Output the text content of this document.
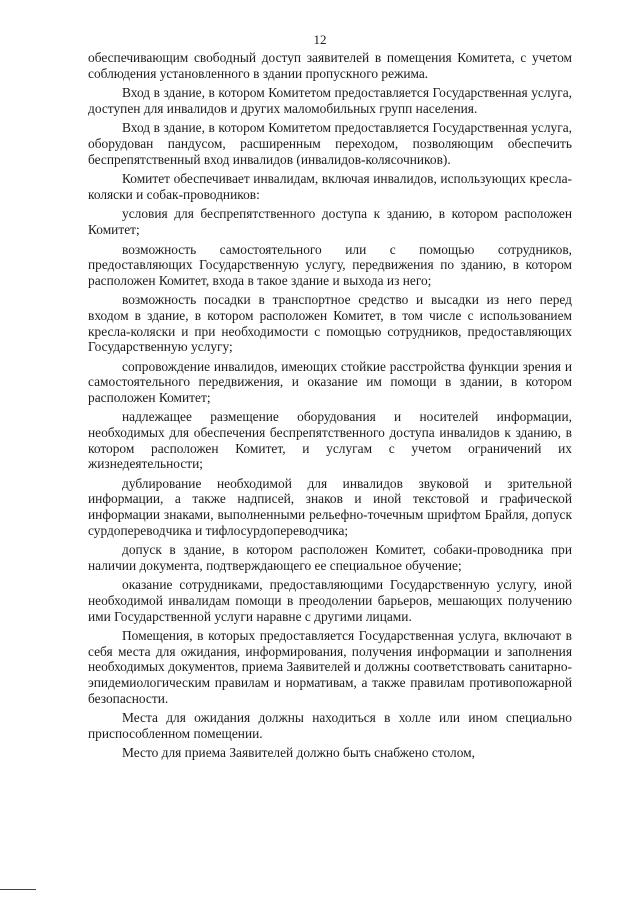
12

обеспечивающим свободный доступ заявителей в помещения Комитета, с учетом соблюдения установленного в здании пропускного режима.

Вход в здание, в котором Комитетом предоставляется Государственная услуга, доступен для инвалидов и других маломобильных групп населения.

Вход в здание, в котором Комитетом предоставляется Государственная услуга, оборудован пандусом, расширенным переходом, позволяющим обеспечить беспрепятственный вход инвалидов (инвалидов-колясочников).

Комитет обеспечивает инвалидам, включая инвалидов, использующих кресла-коляски и собак-проводников:

условия для беспрепятственного доступа к зданию, в котором расположен Комитет;

возможность самостоятельного или с помощью сотрудников, предоставляющих Государственную услугу, передвижения по зданию, в котором расположен Комитет, входа в такое здание и выхода из него;

возможность посадки в транспортное средство и высадки из него перед входом в здание, в котором расположен Комитет, в том числе с использованием кресла-коляски и при необходимости с помощью сотрудников, предоставляющих Государственную услугу;

сопровождение инвалидов, имеющих стойкие расстройства функции зрения и самостоятельного передвижения, и оказание им помощи в здании, в котором расположен Комитет;

надлежащее размещение оборудования и носителей информации, необходимых для обеспечения беспрепятственного доступа инвалидов к зданию, в котором расположен Комитет, и услугам с учетом ограничений их жизнедеятельности;

дублирование необходимой для инвалидов звуковой и зрительной информации, а также надписей, знаков и иной текстовой и графической информации знаками, выполненными рельефно-точечным шрифтом Брайля, допуск сурдопереводчика и тифлосурдопереводчика;

допуск в здание, в котором расположен Комитет, собаки-проводника при наличии документа, подтверждающего ее специальное обучение;

оказание сотрудниками, предоставляющими Государственную услугу, иной необходимой инвалидам помощи в преодолении барьеров, мешающих получению ими Государственной услуги наравне с другими лицами.

Помещения, в которых предоставляется Государственная услуга, включают в себя места для ожидания, информирования, получения информации и заполнения необходимых документов, приема Заявителей и должны соответствовать санитарно-эпидемиологическим правилам и нормативам, а также правилам противопожарной безопасности.

Места для ожидания должны находиться в холле или ином специально приспособленном помещении.

Место для приема Заявителей должно быть снабжено столом,
